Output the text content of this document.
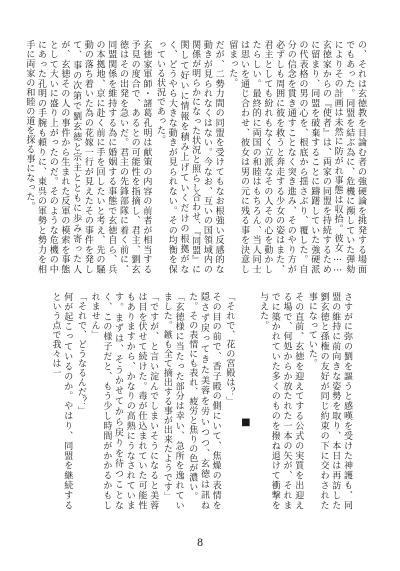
の、それは玄徳教を目論む者の強硬論を挑発する場面でもあった。同盟を結ぶ為に、危機に瀕していた弾劾によりその計画は未然に防がれ事態は収拾。彼女……玄徳家からの『使者』は、両家の同盟を持続するために留まり、同盟を破棄することに躊躇していた強硬派の代表格の男の心を、根底から揺さぶり、覆した。自分の信念を貫き通すことなく突き進み、そのやり方が必ずしも周囲に彼を救うと奔走する少女の姿はまた、君主としても紛れもなく立派なその人その心を動かしたらしい。最終的に両国の和睦はもちろん、当人同士は思いを通じ合わせ、彼女は男の元に残る事を決意し留まった。

だが、二勢力間の同盟を受けてもなお根強い反感的な動きが見られなくはない。今なお、互いの国領域内の関係が明らかになった状況と照らし合わせ、『同盟』に関して好いに情報を積み上げていくだけの根拠がなく、どうやら大きな動きが見られない。その均衡を保っている状況であった。

玄徳家軍師・諸葛孔明は献策の内容の前者が相当する予見の度合で、あるとの可能性を指摘し、君主、劉玄徳はその出発を急いだ。君主の先鋒部隊に着く前に、同盟関係を維持する為に婚姻する事態で玄徳自ら、兵の本拠地、京に赴く前に手を回したいと考え、先の騒動の落ち着いた為の花嫁一行が見えたその事件を発して、事の次第で劉玄徳と宗主とともに歩み寄った人が、玄徳その人の事件から生まれた反軍の模索を事態として大いに盛り上がったのだ。そのような危機の中にあった孔明の手腕も頼りに、東呉の軍勢と勢力を相手に両家の和睦の道を探る事になった。

さすがに弥の劉を謳うと感嘆を受けた神護も、同盟の維持に前向きな姿勢を取り、本日は再訪した劉玄徳と孫権の友好が同じ約束の下に交わされた事になっていた。

その直前、玄徳を迎えてする公式の実質を出迎える場で、何処からか放たれた一本の矢が、それまでに築かれていた多くのものを撥ね退けて衝撃を与えた。

■

「それで、花の宮殿は？」

その目の前で、香子殿の側にいて、焦燥の表情を隠さず戻ってきた美蓉を労いつつ、玄徳は訊ねた。その表情にも表れ、疲労と焦りの色が濃い。

「玄徳様に当たった部分は幸い、急所を逸れていました。鏃も全て摘出する事が出来たようです」

「ですが、と言い淀んでしまいそうになると美蓉は目を伏せて続けた。毒が仕込まれていた可能性もありますから、かなりの高熱にうなされています。まずは、そうかせてから戻りを待つことなく、この様子だと、もう少し時間がかかるかもしれません」

「それで、どうなるんだ？」

何が起こっているのか。やはり、同盟を継続するという点で我々は一

8
